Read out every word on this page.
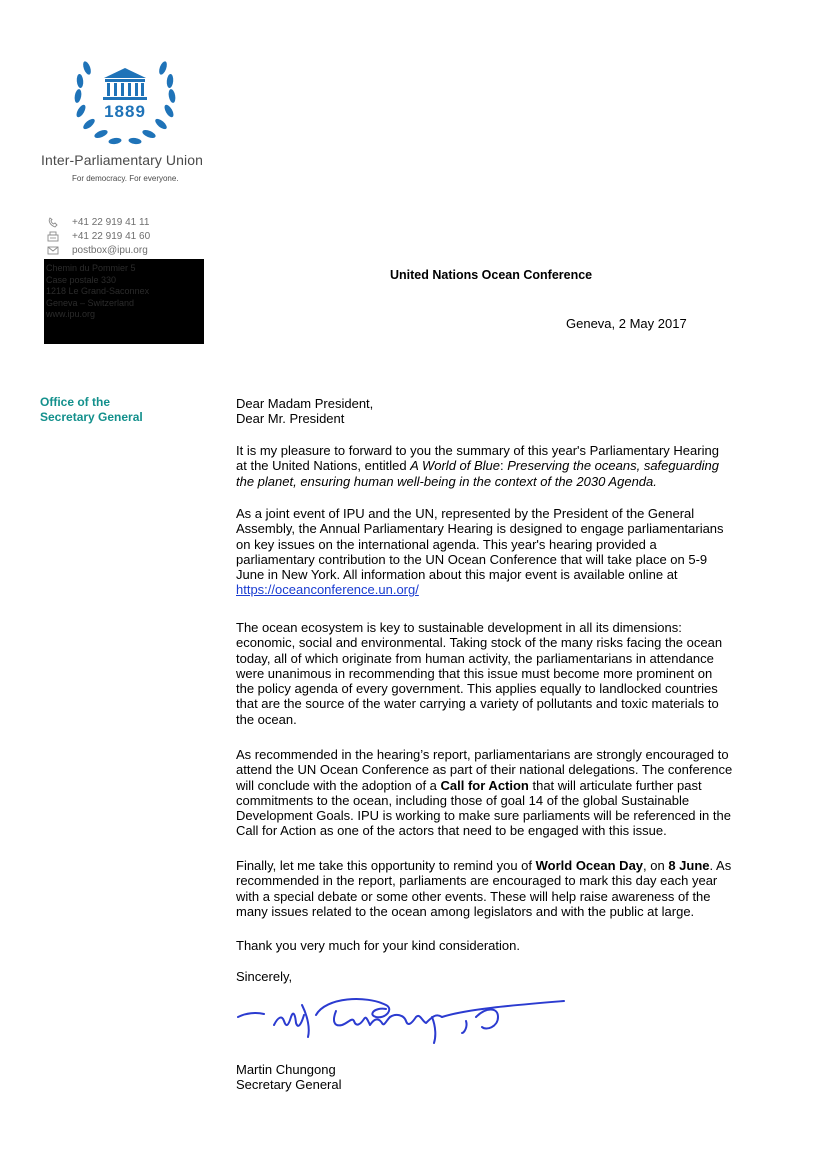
1889
Inter-Parliamentary Union
For democracy. For everyone.
+41 22 919 41 11
+41 22 919 41 60
postbox@ipu.org
Chemin du Pommier 5
Case postale 330
1218 Le Grand-Saconnex
Geneva – Switzerland
www.ipu.org
United Nations Ocean Conference
Geneva, 2 May 2017
Office of the
Secretary General
Dear Madam President,
Dear Mr. President
It is my pleasure to forward to you the summary of this year's Parliamentary Hearing
at the United Nations, entitled A World of Blue: Preserving the oceans, safeguarding
the planet, ensuring human well-being in the context of the 2030 Agenda.
As a joint event of IPU and the UN, represented by the President of the General
Assembly, the Annual Parliamentary Hearing is designed to engage parliamentarians
on key issues on the international agenda. This year's hearing provided a
parliamentary contribution to the UN Ocean Conference that will take place on 5-9
June in New York. All information about this major event is available online at
https://oceanconference.un.org/
The ocean ecosystem is key to sustainable development in all its dimensions:
economic, social and environmental. Taking stock of the many risks facing the ocean
today, all of which originate from human activity, the parliamentarians in attendance
were unanimous in recommending that this issue must become more prominent on
the policy agenda of every government. This applies equally to landlocked countries
that are the source of the water carrying a variety of pollutants and toxic materials to
the ocean.
As recommended in the hearing’s report, parliamentarians are strongly encouraged to
attend the UN Ocean Conference as part of their national delegations. The conference
will conclude with the adoption of a Call for Action that will articulate further past
commitments to the ocean, including those of goal 14 of the global Sustainable
Development Goals. IPU is working to make sure parliaments will be referenced in the
Call for Action as one of the actors that need to be engaged with this issue.
Finally, let me take this opportunity to remind you of World Ocean Day, on 8 June. As
recommended in the report, parliaments are encouraged to mark this day each year
with a special debate or some other events. These will help raise awareness of the
many issues related to the ocean among legislators and with the public at large.
Thank you very much for your kind consideration.
Sincerely,
Martin Chungong
Secretary General
